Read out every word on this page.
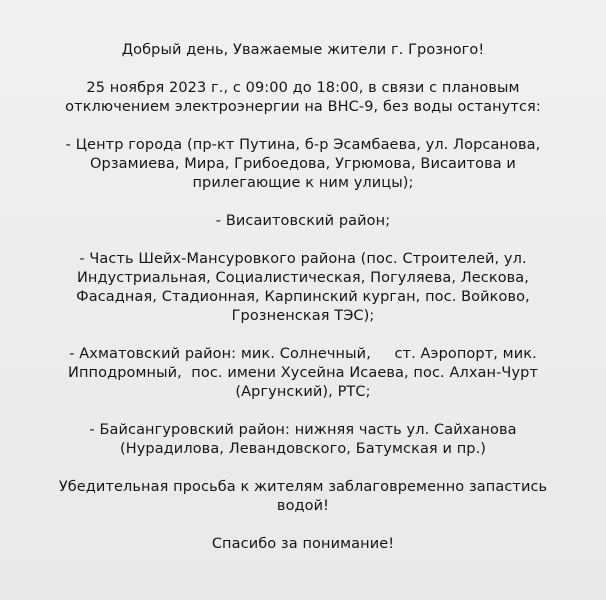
Добрый день, Уважаемые жители г. Грозного!

25 ноября 2023 г., с 09:00 до 18:00, в связи с плановым
отключением электроэнергии на ВНС-9, без воды останутся:

- Центр города (пр-кт Путина, б-р Эсамбаева, ул. Лорсанова,
Орзамиева, Мира, Грибоедова, Угрюмова, Висаитова и
прилегающие к ним улицы);

- Висаитовский район;

- Часть Шейх-Мансуровкого района (пос. Строителей, ул.
Индустриальная, Социалистическая, Погуляева, Лескова,
Фасадная, Стадионная, Карпинский курган, пос. Войково,
Грозненская ТЭС);

- Ахматовский район: мик. Солнечный,     ст. Аэропорт, мик.
Ипподромный,  пос. имени Хусейна Исаева, пос. Алхан-Чурт
(Аргунский), РТС;

- Байсангуровский район: нижняя часть ул. Сайханова
(Нурадилова, Левандовского, Батумская и пр.)

Убедительная просьба к жителям заблаговременно запастись
водой!

Спасибо за понимание!
